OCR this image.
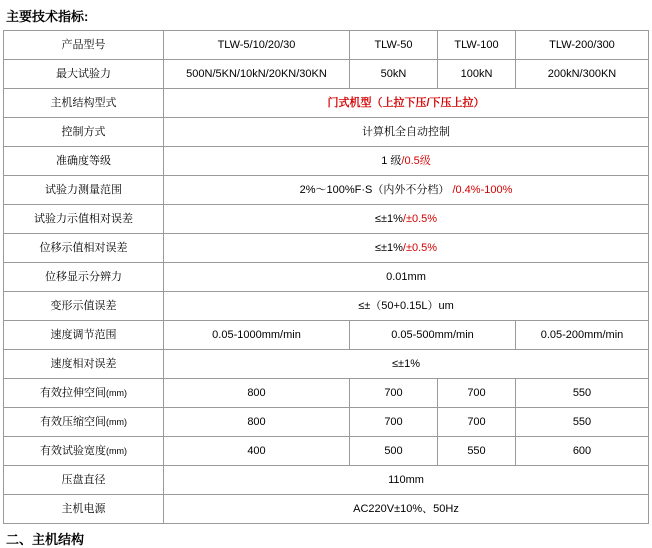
主要技术指标:
产品型号	TLW-5/10/20/30	TLW-50	TLW-100	TLW-200/300
最大试验力	500N/5KN/10kN/20KN/30KN	50kN	100kN	200kN/300KN
主机结构型式	门式机型（上拉下压/下压上拉）			
控制方式	计算机全自动控制			
准确度等级	1 级/0.5级			
试验力测量范围	2%～100%F·S（内外不分档） /0.4%-100%			
试验力示值相对误差	≤±1%/±0.5%			
位移示值相对误差	≤±1%/±0.5%			
位移显示分辨力	0.01mm			
变形示值误差	≤±（50+0.15L）um			
速度调节范围	0.05-1000mm/min	0.05-500mm/min		0.05-200mm/min
速度相对误差	≤±1%			
有效拉伸空间(mm)	800	700	700	550
有效压缩空间(mm)	800	700	700	550
有效试验宽度(mm)	400	500	550	600
压盘直径	110mm			
主机电源	AC220V±10%、50Hz			
二、主机结构
